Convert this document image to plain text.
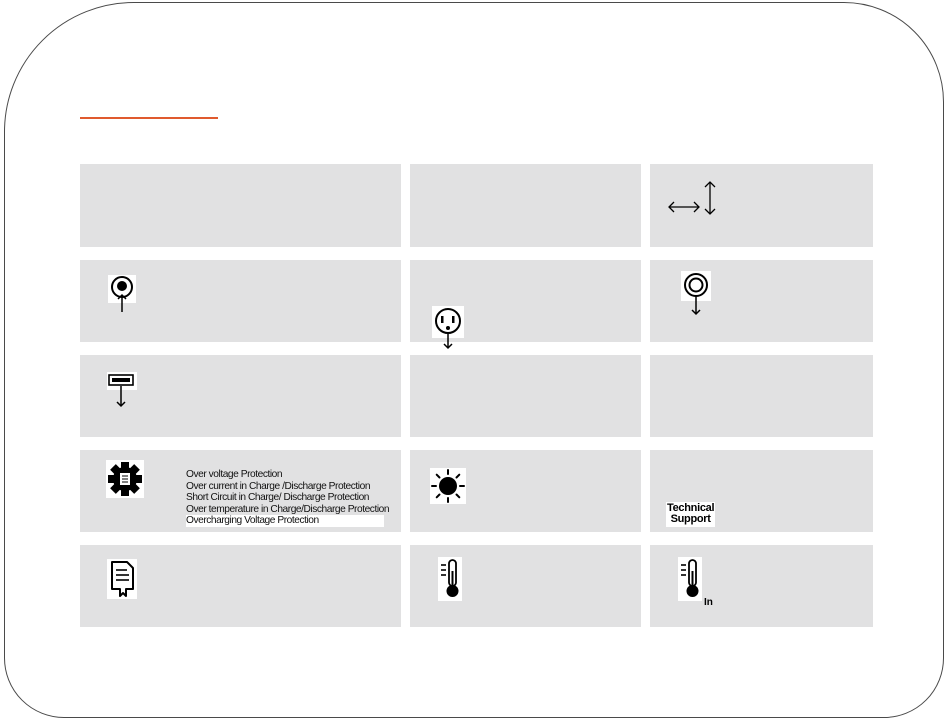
Over voltage Protection
Over current in Charge /Discharge Protection
Short Circuit in Charge/ Discharge Protection
Over temperature in Charge/Discharge Protection
Overcharging Voltage Protection
Technical
Support
In
